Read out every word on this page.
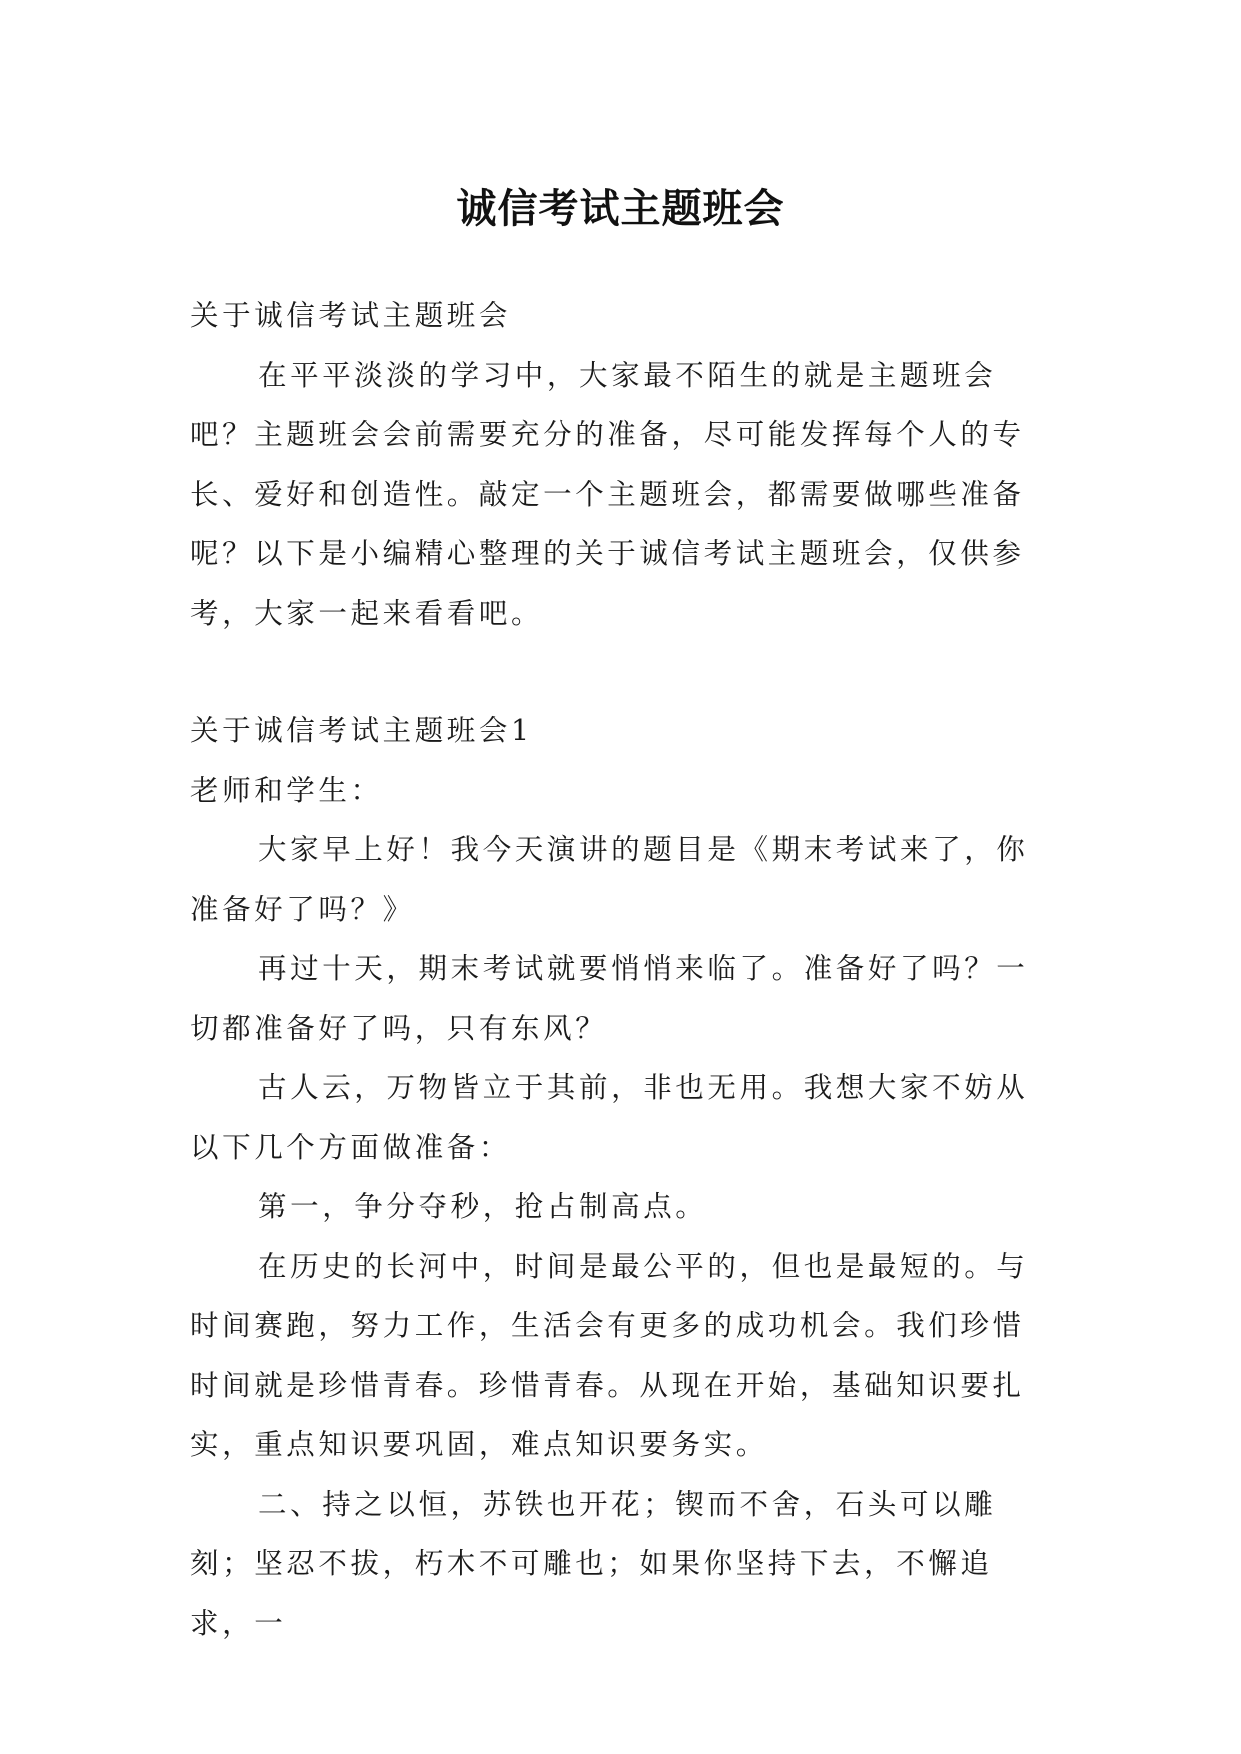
诚信考试主题班会

关于诚信考试主题班会

在平平淡淡的学习中，大家最不陌生的就是主题班会吧？主题班会会前需要充分的准备，尽可能发挥每个人的专长、爱好和创造性。敲定一个主题班会，都需要做哪些准备呢？以下是小编精心整理的关于诚信考试主题班会，仅供参考，大家一起来看看吧。

关于诚信考试主题班会1

老师和学生：

大家早上好！我今天演讲的题目是《期末考试来了，你准备好了吗？》

再过十天，期末考试就要悄悄来临了。准备好了吗？一切都准备好了吗，只有东风？

古人云，万物皆立于其前，非也无用。我想大家不妨从以下几个方面做准备：

第一，争分夺秒，抢占制高点。

在历史的长河中，时间是最公平的，但也是最短的。与时间赛跑，努力工作，生活会有更多的成功机会。我们珍惜时间就是珍惜青春。珍惜青春。从现在开始，基础知识要扎实，重点知识要巩固，难点知识要务实。

二、持之以恒，苏铁也开花；锲而不舍，石头可以雕刻；坚忍不拔，朽木不可雕也；如果你坚持下去，不懈追求，一
